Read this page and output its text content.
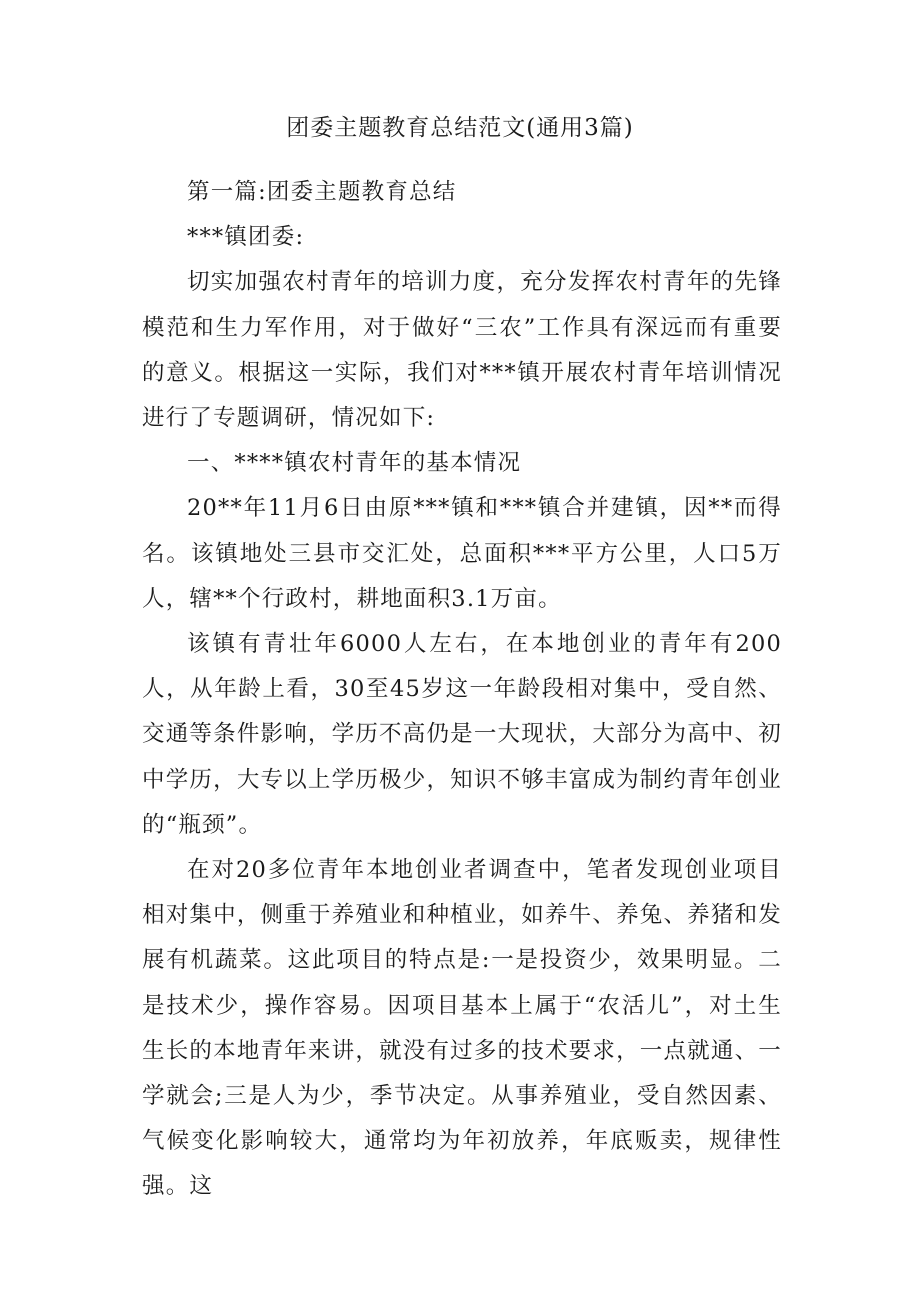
团委主题教育总结范文(通用3篇)

第一篇:团委主题教育总结

***镇团委:

切实加强农村青年的培训力度，充分发挥农村青年的先锋模范和生力军作用，对于做好“三农”工作具有深远而有重要的意义。根据这一实际，我们对***镇开展农村青年培训情况进行了专题调研，情况如下:

一、****镇农村青年的基本情况

20**年11月6日由原***镇和***镇合并建镇，因**而得名。该镇地处三县市交汇处，总面积***平方公里，人口5万人，辖**个行政村，耕地面积3.1万亩。

该镇有青壮年6000人左右，在本地创业的青年有200人，从年龄上看，30至45岁这一年龄段相对集中，受自然、交通等条件影响，学历不高仍是一大现状，大部分为高中、初中学历，大专以上学历极少，知识不够丰富成为制约青年创业的“瓶颈”。

在对20多位青年本地创业者调查中，笔者发现创业项目相对集中，侧重于养殖业和种植业，如养牛、养兔、养猪和发展有机蔬菜。这此项目的特点是:一是投资少，效果明显。二是技术少，操作容易。因项目基本上属于“农活儿”，对土生生长的本地青年来讲，就没有过多的技术要求，一点就通、一学就会;三是人为少，季节决定。从事养殖业，受自然因素、气候变化影响较大，通常均为年初放养，年底贩卖，规律性强。这
